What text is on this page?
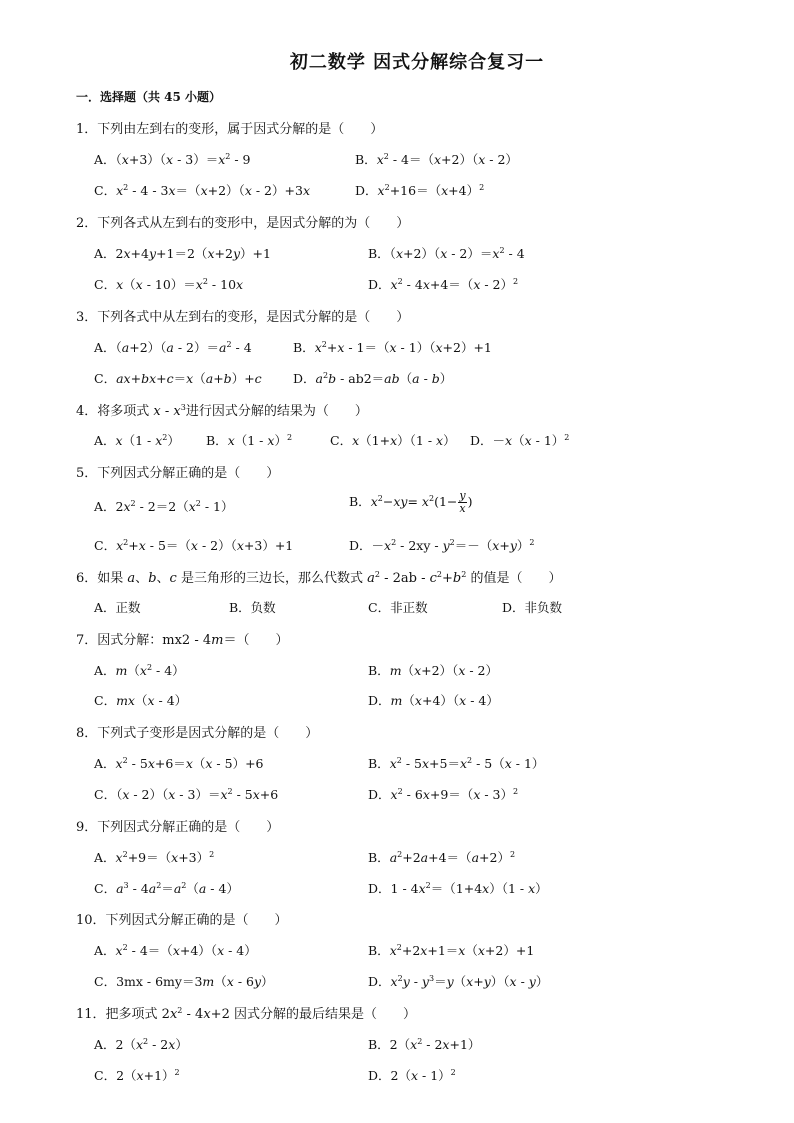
初二数学 因式分解综合复习一
一．选择题（共 45 小题）
1．下列由左到右的变形，属于因式分解的是（　　）
A．$(x+3)(x - 3)=x^2 - 9$	B．$x^2 - 4=(x+2)(x - 2)$
C．$x^2 - 4 - 3x=(x+2)(x - 2)+3x$	D．$x^2+16=(x+4)^2$
2．下列各式从左到右的变形中，是因式分解的为（　　）
A．2x+4y+1＝2（x+2y）+1	B．$(x+2)(x - 2)=x^2 - 4$
C．$x(x - 10)=x^2 - 10x$	D．$x^2 - 4x+4=(x - 2)^2$
3．下列各式中从左到右的变形，是因式分解的是（　　）
A．$(a+2)(a - 2)=a^2 - 4$	B．$x^2+x - 1=(x - 1)(x+2)+1$
C．ax+bx+c＝x（a+b）+c	D．$a^2b - ab2=ab(a - b)$
4．将多项式 x - $x^3$进行因式分解的结果为（　　）
A．$x(1 - x^2)$ B．x（1 - x）$^2$	C．x（1+x）（1 - x） D．－x（x - 1）$^2$
5．下列因式分解正确的是（　　）
A．$2x^2 - 2=2(x^2 - 1)$	B．$x^2-xy= x^2(1- \frac{y}{x}$ )
C．$x^2+x - 5=(x - 2)(x+3)+1$	D．$-x^2 - 2xy - y^2=-(x+y)^2$
6．如果 a、b、c 是三角形的三边长，那么代数式 $a^2 - 2ab - c^2+b^2$ 的值是（　　）
A．正数	B．负数	C．非正数	D．非负数
7．因式分解：mx2 - 4m＝（　　）
A．$m(x^2 - 4)$	B．m（x+2）（x - 2）
C．mx（x - 4）	D．m（x+4）（x - 4）
8．下列式子变形是因式分解的是（　　）
A．$x^2 - 5x+6=x(x - 5)+6$	B．$x^2 - 5x+5=x^2 - 5(x - 1)$
C．$(x - 2)(x - 3)=x^2 - 5x+6$	D．$x^2 - 6x+9=(x - 3)^2$
9．下列因式分解正确的是（　　）
A．$x^2+9=(x+3)^2$	B．$a^2+2a+4=(a+2)^2$
C．$a^3 - 4a^2=a^2(a - 4)$	D．$1 - 4x^2=(1+4x)(1 - x)$
10．下列因式分解正确的是（　　）
A．$x^2 - 4=(x+4)(x - 4)$	B．$x^2+2x+1=x(x+2)+1$
C．3mx - 6my＝3m（x - 6y）	D．$x^2y - y^3=y(x+y)(x - y)$
11．把多项式 $2x^2 - 4x+2$ 因式分解的最后结果是（　　）
A．$2(x^2 - 2x)$	B．$2(x^2 - 2x+1)$
C．$2(x+1)^2$	D．2（x - 1）$^2$
